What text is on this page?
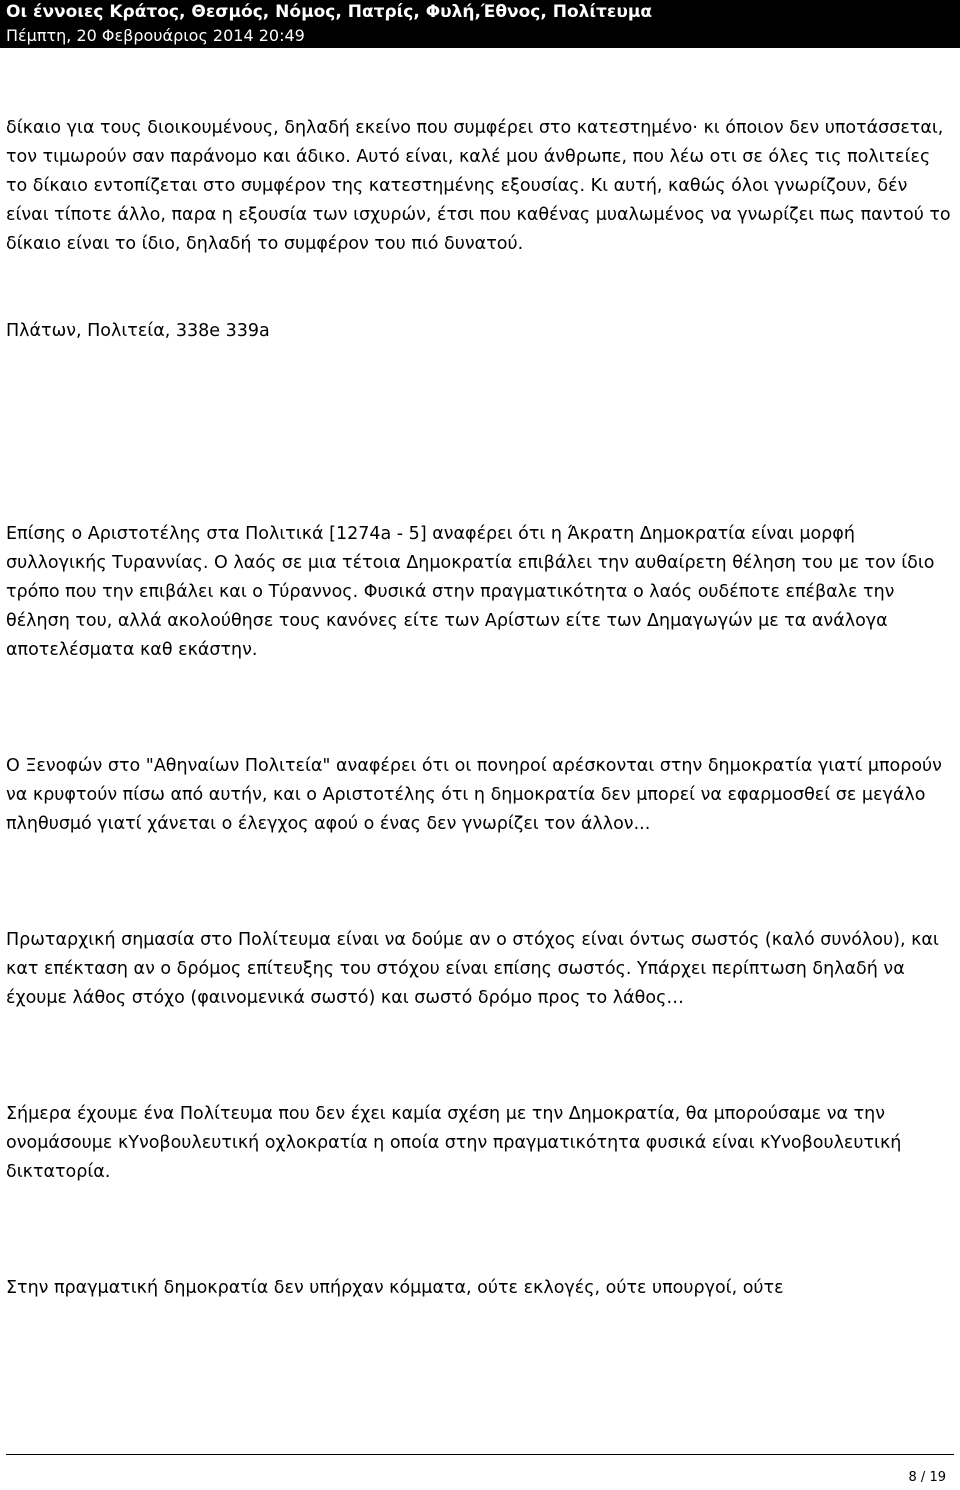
Οι έννοιες Κράτος, Θεσμός, Νόμος, Πατρίς, Φυλή,Έθνος, Πολίτευμα
Πέμπτη, 20 Φεβρουάριος 2014 20:49

δίκαιο για τους διοικουμένους, δηλαδή εκείνο που συμφέρει στο κατεστημένο· κι όποιον δεν υποτάσσεται, τον τιμωρούν σαν παράνομο και άδικο. Αυτό είναι, καλέ μου άνθρωπε, που λέω οτι σε όλες τις πολιτείες το δίκαιο εντοπίζεται στο συμφέρον της κατεστημένης εξουσίας. Κι αυτή, καθώς όλοι γνωρίζουν, δέν είναι τίποτε άλλο, παρα η εξουσία των ισχυρών, έτσι που καθένας μυαλωμένος να γνωρίζει πως παντού το δίκαιο είναι το ίδιο, δηλαδή το συμφέρον του πιό δυνατού.

Πλάτων, Πολιτεία, 338e 339a

Επίσης ο Αριστοτέλης στα Πολιτικά [1274a - 5] αναφέρει ότι η Άκρατη Δημοκρατία είναι μορφή συλλογικής Τυραννίας. Ο λαός σε μια τέτοια Δημοκρατία επιβάλει την αυθαίρετη θέληση του με τον ίδιο τρόπο που την επιβάλει και ο Τύραννος. Φυσικά στην πραγματικότητα ο λαός ουδέποτε επέβαλε την θέληση του, αλλά ακολούθησε τους κανόνες είτε των Αρίστων είτε των Δημαγωγών με τα ανάλογα αποτελέσματα καθ εκάστην.

Ο Ξενοφών στο "Αθηναίων Πολιτεία" αναφέρει ότι οι πονηροί αρέσκονται στην δημοκρατία γιατί μπορούν να κρυφτούν πίσω από αυτήν, και ο Αριστοτέλης ότι η δημοκρατία δεν μπορεί να εφαρμοσθεί σε μεγάλο πληθυσμό γιατί χάνεται ο έλεγχος αφού ο ένας δεν γνωρίζει τον άλλον...

Πρωταρχική σημασία στο Πολίτευμα είναι να δούμε αν ο στόχος είναι όντως σωστός (καλό συνόλου), και κατ επέκταση αν ο δρόμος επίτευξης του στόχου είναι επίσης σωστός. Υπάρχει περίπτωση δηλαδή να έχουμε λάθος στόχο (φαινομενικά σωστό) και σωστό δρόμο προς το λάθος…

Σήμερα έχουμε ένα Πολίτευμα που δεν έχει καμία σχέση με την Δημοκρατία, θα μπορούσαμε να την ονομάσουμε κΥνοβουλευτική οχλοκρατία η οποία στην πραγματικότητα φυσικά είναι κΥνοβουλευτική δικτατορία.

Στην πραγματική δημοκρατία δεν υπήρχαν κόμματα, ούτε εκλογές, ούτε υπουργοί, ούτε

8 / 19
